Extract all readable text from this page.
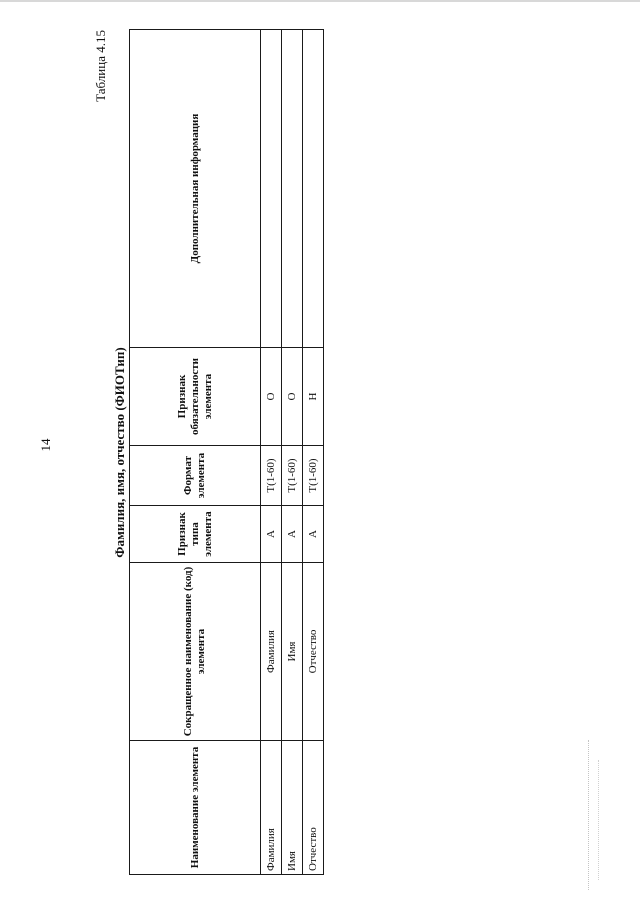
14
Таблица 4.15
Фамилия, имя, отчество (ФИОТип)
Наименование элемента	Сокращенное наименование (код) элемента	Признак типа элемента	Формат элемента	Признак обязательности элемента	Дополнительная информация
Фамилия	Фамилия	А	Т(1-60)	О	
Имя	Имя	А	Т(1-60)	О	
Отчество	Отчество	А	Т(1-60)	Н	
